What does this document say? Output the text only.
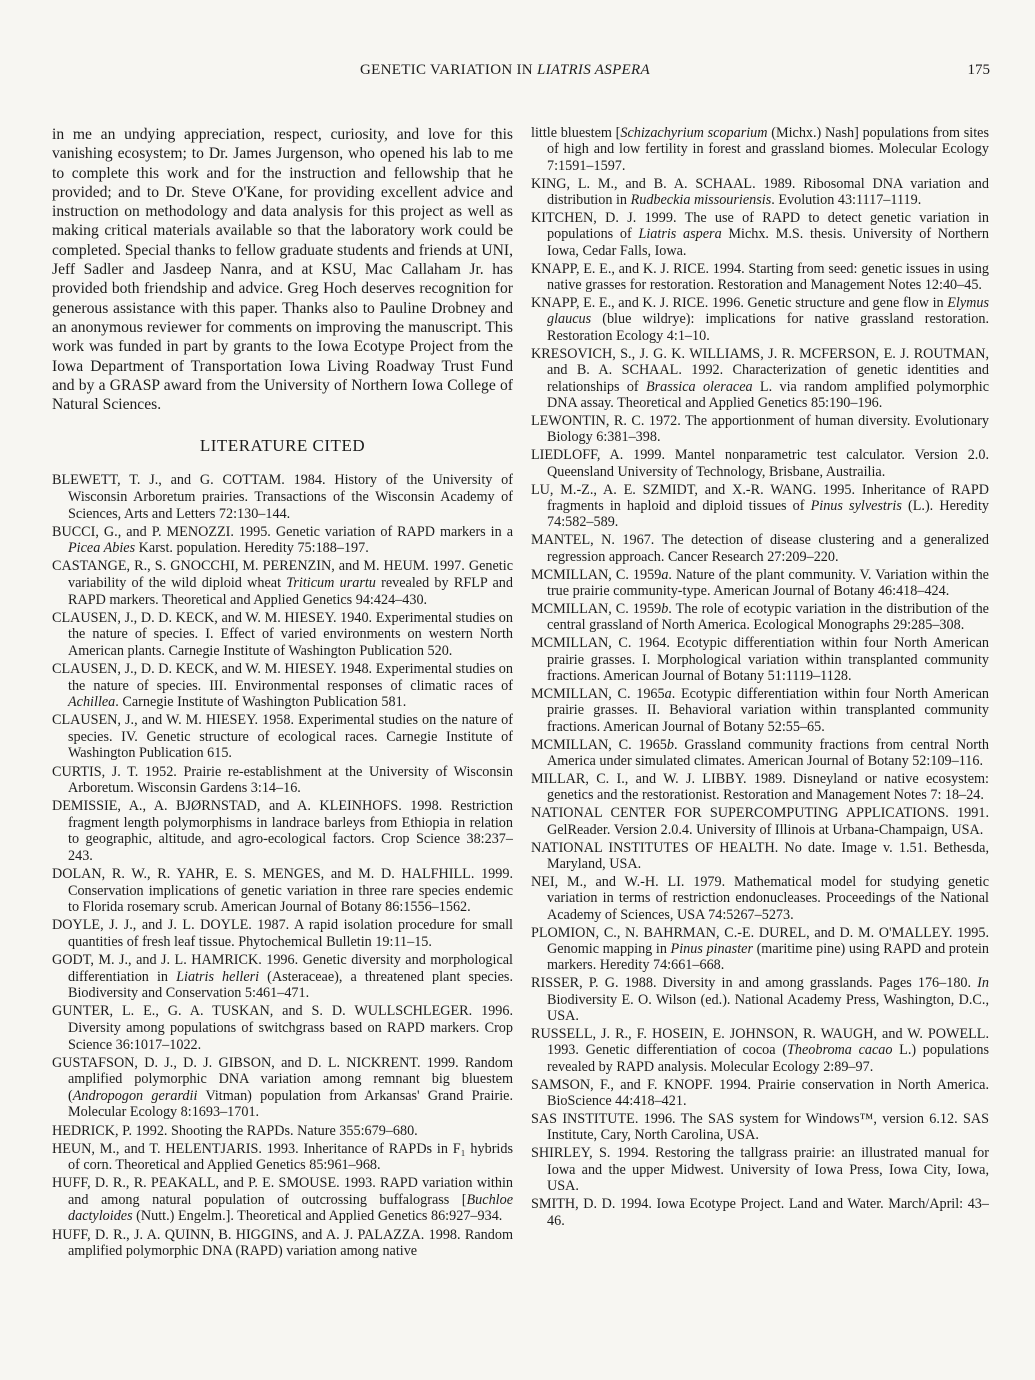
GENETIC VARIATION IN LIATRIS ASPERA	175

in me an undying appreciation, respect, curiosity, and love for this vanishing ecosystem; to Dr. James Jurgenson, who opened his lab to me to complete this work and for the instruction and fellowship that he provided; and to Dr. Steve O'Kane, for providing excellent advice and instruction on methodology and data analysis for this project as well as making critical materials available so that the laboratory work could be completed. Special thanks to fellow graduate students and friends at UNI, Jeff Sadler and Jasdeep Nanra, and at KSU, Mac Callaham Jr. has provided both friendship and advice. Greg Hoch deserves recognition for generous assistance with this paper. Thanks also to Pauline Drobney and an anonymous reviewer for comments on improving the manuscript. This work was funded in part by grants to the Iowa Ecotype Project from the Iowa Department of Transportation Iowa Living Roadway Trust Fund and by a GRASP award from the University of Northern Iowa College of Natural Sciences.

LITERATURE CITED
BLEWETT, T. J., and G. COTTAM. 1984. History of the University of Wisconsin Arboretum prairies. Transactions of the Wisconsin Academy of Sciences, Arts and Letters 72:130–144.
BUCCI, G., and P. MENOZZI. 1995. Genetic variation of RAPD markers in a Picea Abies Karst. population. Heredity 75:188–197.
CASTANGE, R., S. GNOCCHI, M. PERENZIN, and M. HEUM. 1997. Genetic variability of the wild diploid wheat Triticum urartu revealed by RFLP and RAPD markers. Theoretical and Applied Genetics 94:424–430.
CLAUSEN, J., D. D. KECK, and W. M. HIESEY. 1940. Experimental studies on the nature of species. I. Effect of varied environments on western North American plants. Carnegie Institute of Washington Publication 520.
CLAUSEN, J., D. D. KECK, and W. M. HIESEY. 1948. Experimental studies on the nature of species. III. Environmental responses of climatic races of Achillea. Carnegie Institute of Washington Publication 581.
CLAUSEN, J., and W. M. HIESEY. 1958. Experimental studies on the nature of species. IV. Genetic structure of ecological races. Carnegie Institute of Washington Publication 615.
CURTIS, J. T. 1952. Prairie re-establishment at the University of Wisconsin Arboretum. Wisconsin Gardens 3:14–16.
DEMISSIE, A., A. BJØRNSTAD, and A. KLEINHOFS. 1998. Restriction fragment length polymorphisms in landrace barleys from Ethiopia in relation to geographic, altitude, and agro-ecological factors. Crop Science 38:237–243.
DOLAN, R. W., R. YAHR, E. S. MENGES, and M. D. HALFHILL. 1999. Conservation implications of genetic variation in three rare species endemic to Florida rosemary scrub. American Journal of Botany 86:1556–1562.
DOYLE, J. J., and J. L. DOYLE. 1987. A rapid isolation procedure for small quantities of fresh leaf tissue. Phytochemical Bulletin 19:11–15.
GODT, M. J., and J. L. HAMRICK. 1996. Genetic diversity and morphological differentiation in Liatris helleri (Asteraceae), a threatened plant species. Biodiversity and Conservation 5:461–471.
GUNTER, L. E., G. A. TUSKAN, and S. D. WULLSCHLEGER. 1996. Diversity among populations of switchgrass based on RAPD markers. Crop Science 36:1017–1022.
GUSTAFSON, D. J., D. J. GIBSON, and D. L. NICKRENT. 1999. Random amplified polymorphic DNA variation among remnant big bluestem (Andropogon gerardii Vitman) population from Arkansas' Grand Prairie. Molecular Ecology 8:1693–1701.
HEDRICK, P. 1992. Shooting the RAPDs. Nature 355:679–680.
HEUN, M., and T. HELENTJARIS. 1993. Inheritance of RAPDs in F₁ hybrids of corn. Theoretical and Applied Genetics 85:961–968.
HUFF, D. R., R. PEAKALL, and P. E. SMOUSE. 1993. RAPD variation within and among natural population of outcrossing buffalograss [Buchloe dactyloides (Nutt.) Engelm.]. Theoretical and Applied Genetics 86:927–934.
HUFF, D. R., J. A. QUINN, B. HIGGINS, and A. J. PALAZZA. 1998. Random amplified polymorphic DNA (RAPD) variation among native
little bluestem [Schizachyrium scoparium (Michx.) Nash] populations from sites of high and low fertility in forest and grassland biomes. Molecular Ecology 7:1591–1597.
KING, L. M., and B. A. SCHAAL. 1989. Ribosomal DNA variation and distribution in Rudbeckia missouriensis. Evolution 43:1117–1119.
KITCHEN, D. J. 1999. The use of RAPD to detect genetic variation in populations of Liatris aspera Michx. M.S. thesis. University of Northern Iowa, Cedar Falls, Iowa.
KNAPP, E. E., and K. J. RICE. 1994. Starting from seed: genetic issues in using native grasses for restoration. Restoration and Management Notes 12:40–45.
KNAPP, E. E., and K. J. RICE. 1996. Genetic structure and gene flow in Elymus glaucus (blue wildrye): implications for native grassland restoration. Restoration Ecology 4:1–10.
KRESOVICH, S., J. G. K. WILLIAMS, J. R. MCFERSON, E. J. ROUTMAN, and B. A. SCHAAL. 1992. Characterization of genetic identities and relationships of Brassica oleracea L. via random amplified polymorphic DNA assay. Theoretical and Applied Genetics 85:190–196.
LEWONTIN, R. C. 1972. The apportionment of human diversity. Evolutionary Biology 6:381–398.
LIEDLOFF, A. 1999. Mantel nonparametric test calculator. Version 2.0. Queensland University of Technology, Brisbane, Austrailia.
LU, M.-Z., A. E. SZMIDT, and X.-R. WANG. 1995. Inheritance of RAPD fragments in haploid and diploid tissues of Pinus sylvestris (L.). Heredity 74:582–589.
MANTEL, N. 1967. The detection of disease clustering and a generalized regression approach. Cancer Research 27:209–220.
MCMILLAN, C. 1959a. Nature of the plant community. V. Variation within the true prairie community-type. American Journal of Botany 46:418–424.
MCMILLAN, C. 1959b. The role of ecotypic variation in the distribution of the central grassland of North America. Ecological Monographs 29:285–308.
MCMILLAN, C. 1964. Ecotypic differentiation within four North American prairie grasses. I. Morphological variation within transplanted community fractions. American Journal of Botany 51:1119–1128.
MCMILLAN, C. 1965a. Ecotypic differentiation within four North American prairie grasses. II. Behavioral variation within transplanted community fractions. American Journal of Botany 52:55–65.
MCMILLAN, C. 1965b. Grassland community fractions from central North America under simulated climates. American Journal of Botany 52:109–116.
MILLAR, C. I., and W. J. LIBBY. 1989. Disneyland or native ecosystem: genetics and the restorationist. Restoration and Management Notes 7: 18–24.
NATIONAL CENTER FOR SUPERCOMPUTING APPLICATIONS. 1991. GelReader. Version 2.0.4. University of Illinois at Urbana-Champaign, USA.
NATIONAL INSTITUTES OF HEALTH. No date. Image v. 1.51. Bethesda, Maryland, USA.
NEI, M., and W.-H. LI. 1979. Mathematical model for studying genetic variation in terms of restriction endonucleases. Proceedings of the National Academy of Sciences, USA 74:5267–5273.
PLOMION, C., N. BAHRMAN, C.-E. DUREL, and D. M. O'MALLEY. 1995. Genomic mapping in Pinus pinaster (maritime pine) using RAPD and protein markers. Heredity 74:661–668.
RISSER, P. G. 1988. Diversity in and among grasslands. Pages 176–180. In Biodiversity E. O. Wilson (ed.). National Academy Press, Washington, D.C., USA.
RUSSELL, J. R., F. HOSEIN, E. JOHNSON, R. WAUGH, and W. POWELL. 1993. Genetic differentiation of cocoa (Theobroma cacao L.) populations revealed by RAPD analysis. Molecular Ecology 2:89–97.
SAMSON, F., and F. KNOPF. 1994. Prairie conservation in North America. BioScience 44:418–421.
SAS INSTITUTE. 1996. The SAS system for Windows™, version 6.12. SAS Institute, Cary, North Carolina, USA.
SHIRLEY, S. 1994. Restoring the tallgrass prairie: an illustrated manual for Iowa and the upper Midwest. University of Iowa Press, Iowa City, Iowa, USA.
SMITH, D. D. 1994. Iowa Ecotype Project. Land and Water. March/April: 43–46.
